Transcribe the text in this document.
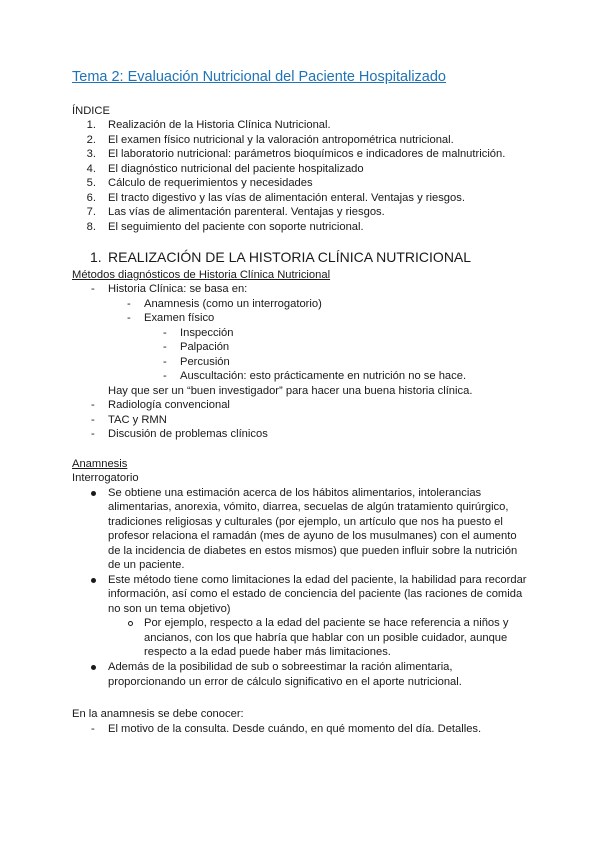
Tema 2: Evaluación Nutricional del Paciente Hospitalizado
ÍNDICE
1. Realización de la Historia Clínica Nutricional.
2. El examen físico nutricional y la valoración antropométrica nutricional.
3. El laboratorio nutricional: parámetros bioquímicos e indicadores de malnutrición.
4. El diagnóstico nutricional del paciente hospitalizado
5. Cálculo de requerimientos y necesidades
6. El tracto digestivo y las vías de alimentación enteral. Ventajas y riesgos.
7. Las vías de alimentación parenteral. Ventajas y riesgos.
8. El seguimiento del paciente con soporte nutricional.
1. REALIZACIÓN DE LA HISTORIA CLÍNICA NUTRICIONAL
Métodos diagnósticos de Historia Clínica Nutricional
- Historia Clínica: se basa en:
- Anamnesis (como un interrogatorio)
- Examen físico
- Inspección
- Palpación
- Percusión
- Auscultación: esto prácticamente en nutrición no se hace.
Hay que ser un “buen investigador” para hacer una buena historia clínica.
- Radiología convencional
- TAC y RMN
- Discusión de problemas clínicos
Anamnesis
Interrogatorio
Se obtiene una estimación acerca de los hábitos alimentarios, intolerancias
alimentarias, anorexia, vómito, diarrea, secuelas de algún tratamiento quirúrgico,
tradiciones religiosas y culturales (por ejemplo, un artículo que nos ha puesto el
profesor relaciona el ramadán (mes de ayuno de los musulmanes) con el aumento
de la incidencia de diabetes en estos mismos) que pueden influir sobre la nutrición
de un paciente.
Este método tiene como limitaciones la edad del paciente, la habilidad para recordar
información, así como el estado de conciencia del paciente (las raciones de comida
no son un tema objetivo)
Por ejemplo, respecto a la edad del paciente se hace referencia a niños y
ancianos, con los que habría que hablar con un posible cuidador, aunque
respecto a la edad puede haber más limitaciones.
Además de la posibilidad de sub o sobreestimar la ración alimentaria,
proporcionando un error de cálculo significativo en el aporte nutricional.
En la anamnesis se debe conocer:
- El motivo de la consulta. Desde cuándo, en qué momento del día. Detalles.
